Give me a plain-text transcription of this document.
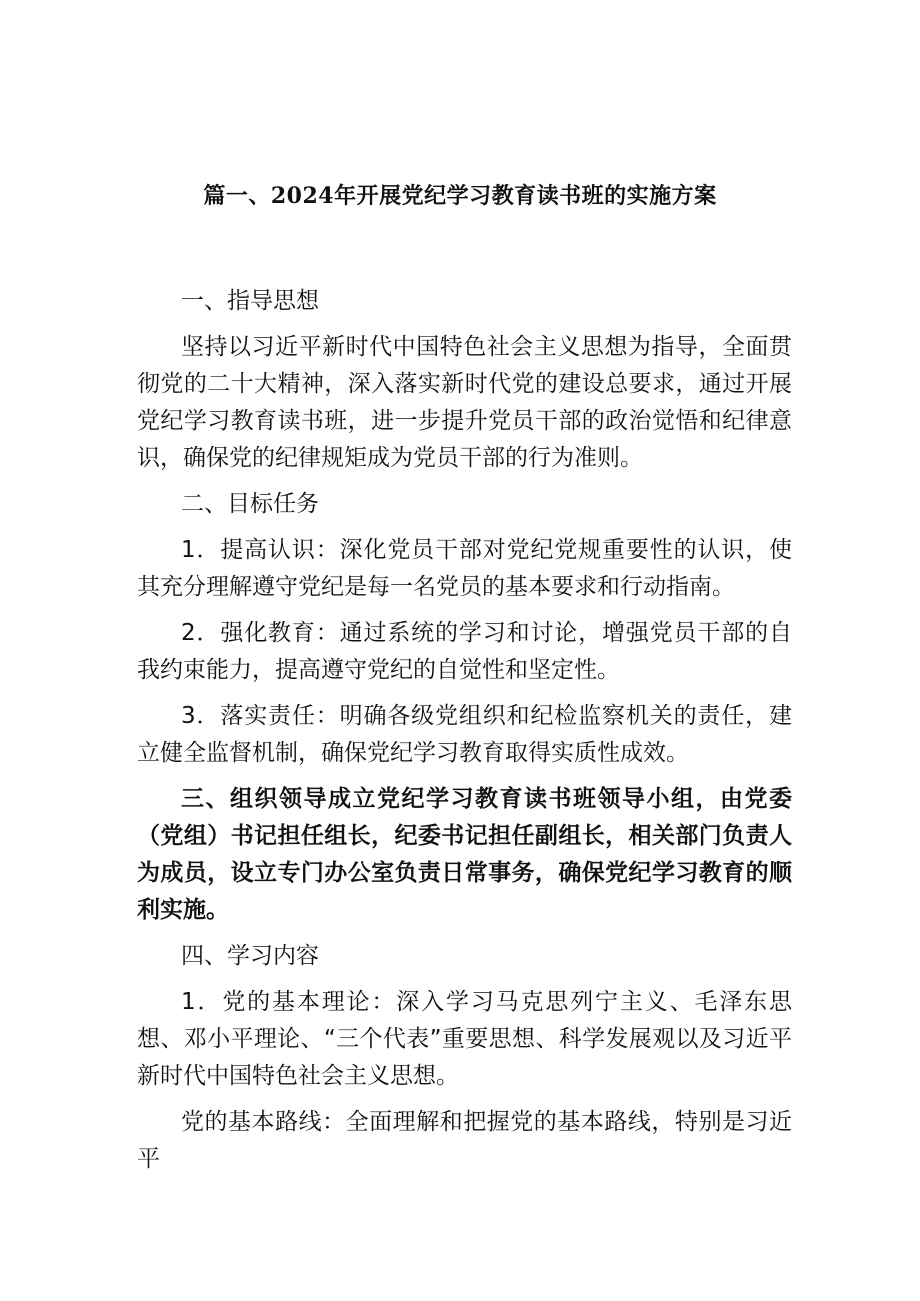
篇一、2024年开展党纪学习教育读书班的实施方案

一、指导思想

坚持以习近平新时代中国特色社会主义思想为指导，全面贯彻党的二十大精神，深入落实新时代党的建设总要求，通过开展党纪学习教育读书班，进一步提升党员干部的政治觉悟和纪律意识，确保党的纪律规矩成为党员干部的行为准则。

二、目标任务

1．提高认识：深化党员干部对党纪党规重要性的认识，使其充分理解遵守党纪是每一名党员的基本要求和行动指南。

2．强化教育：通过系统的学习和讨论，增强党员干部的自我约束能力，提高遵守党纪的自觉性和坚定性。

3．落实责任：明确各级党组织和纪检监察机关的责任，建立健全监督机制，确保党纪学习教育取得实质性成效。

三、组织领导成立党纪学习教育读书班领导小组，由党委（党组）书记担任组长，纪委书记担任副组长，相关部门负责人为成员，设立专门办公室负责日常事务，确保党纪学习教育的顺利实施。

四、学习内容

1．党的基本理论：深入学习马克思列宁主义、毛泽东思想、邓小平理论、“三个代表”重要思想、科学发展观以及习近平新时代中国特色社会主义思想。

党的基本路线：全面理解和把握党的基本路线，特别是习近平
